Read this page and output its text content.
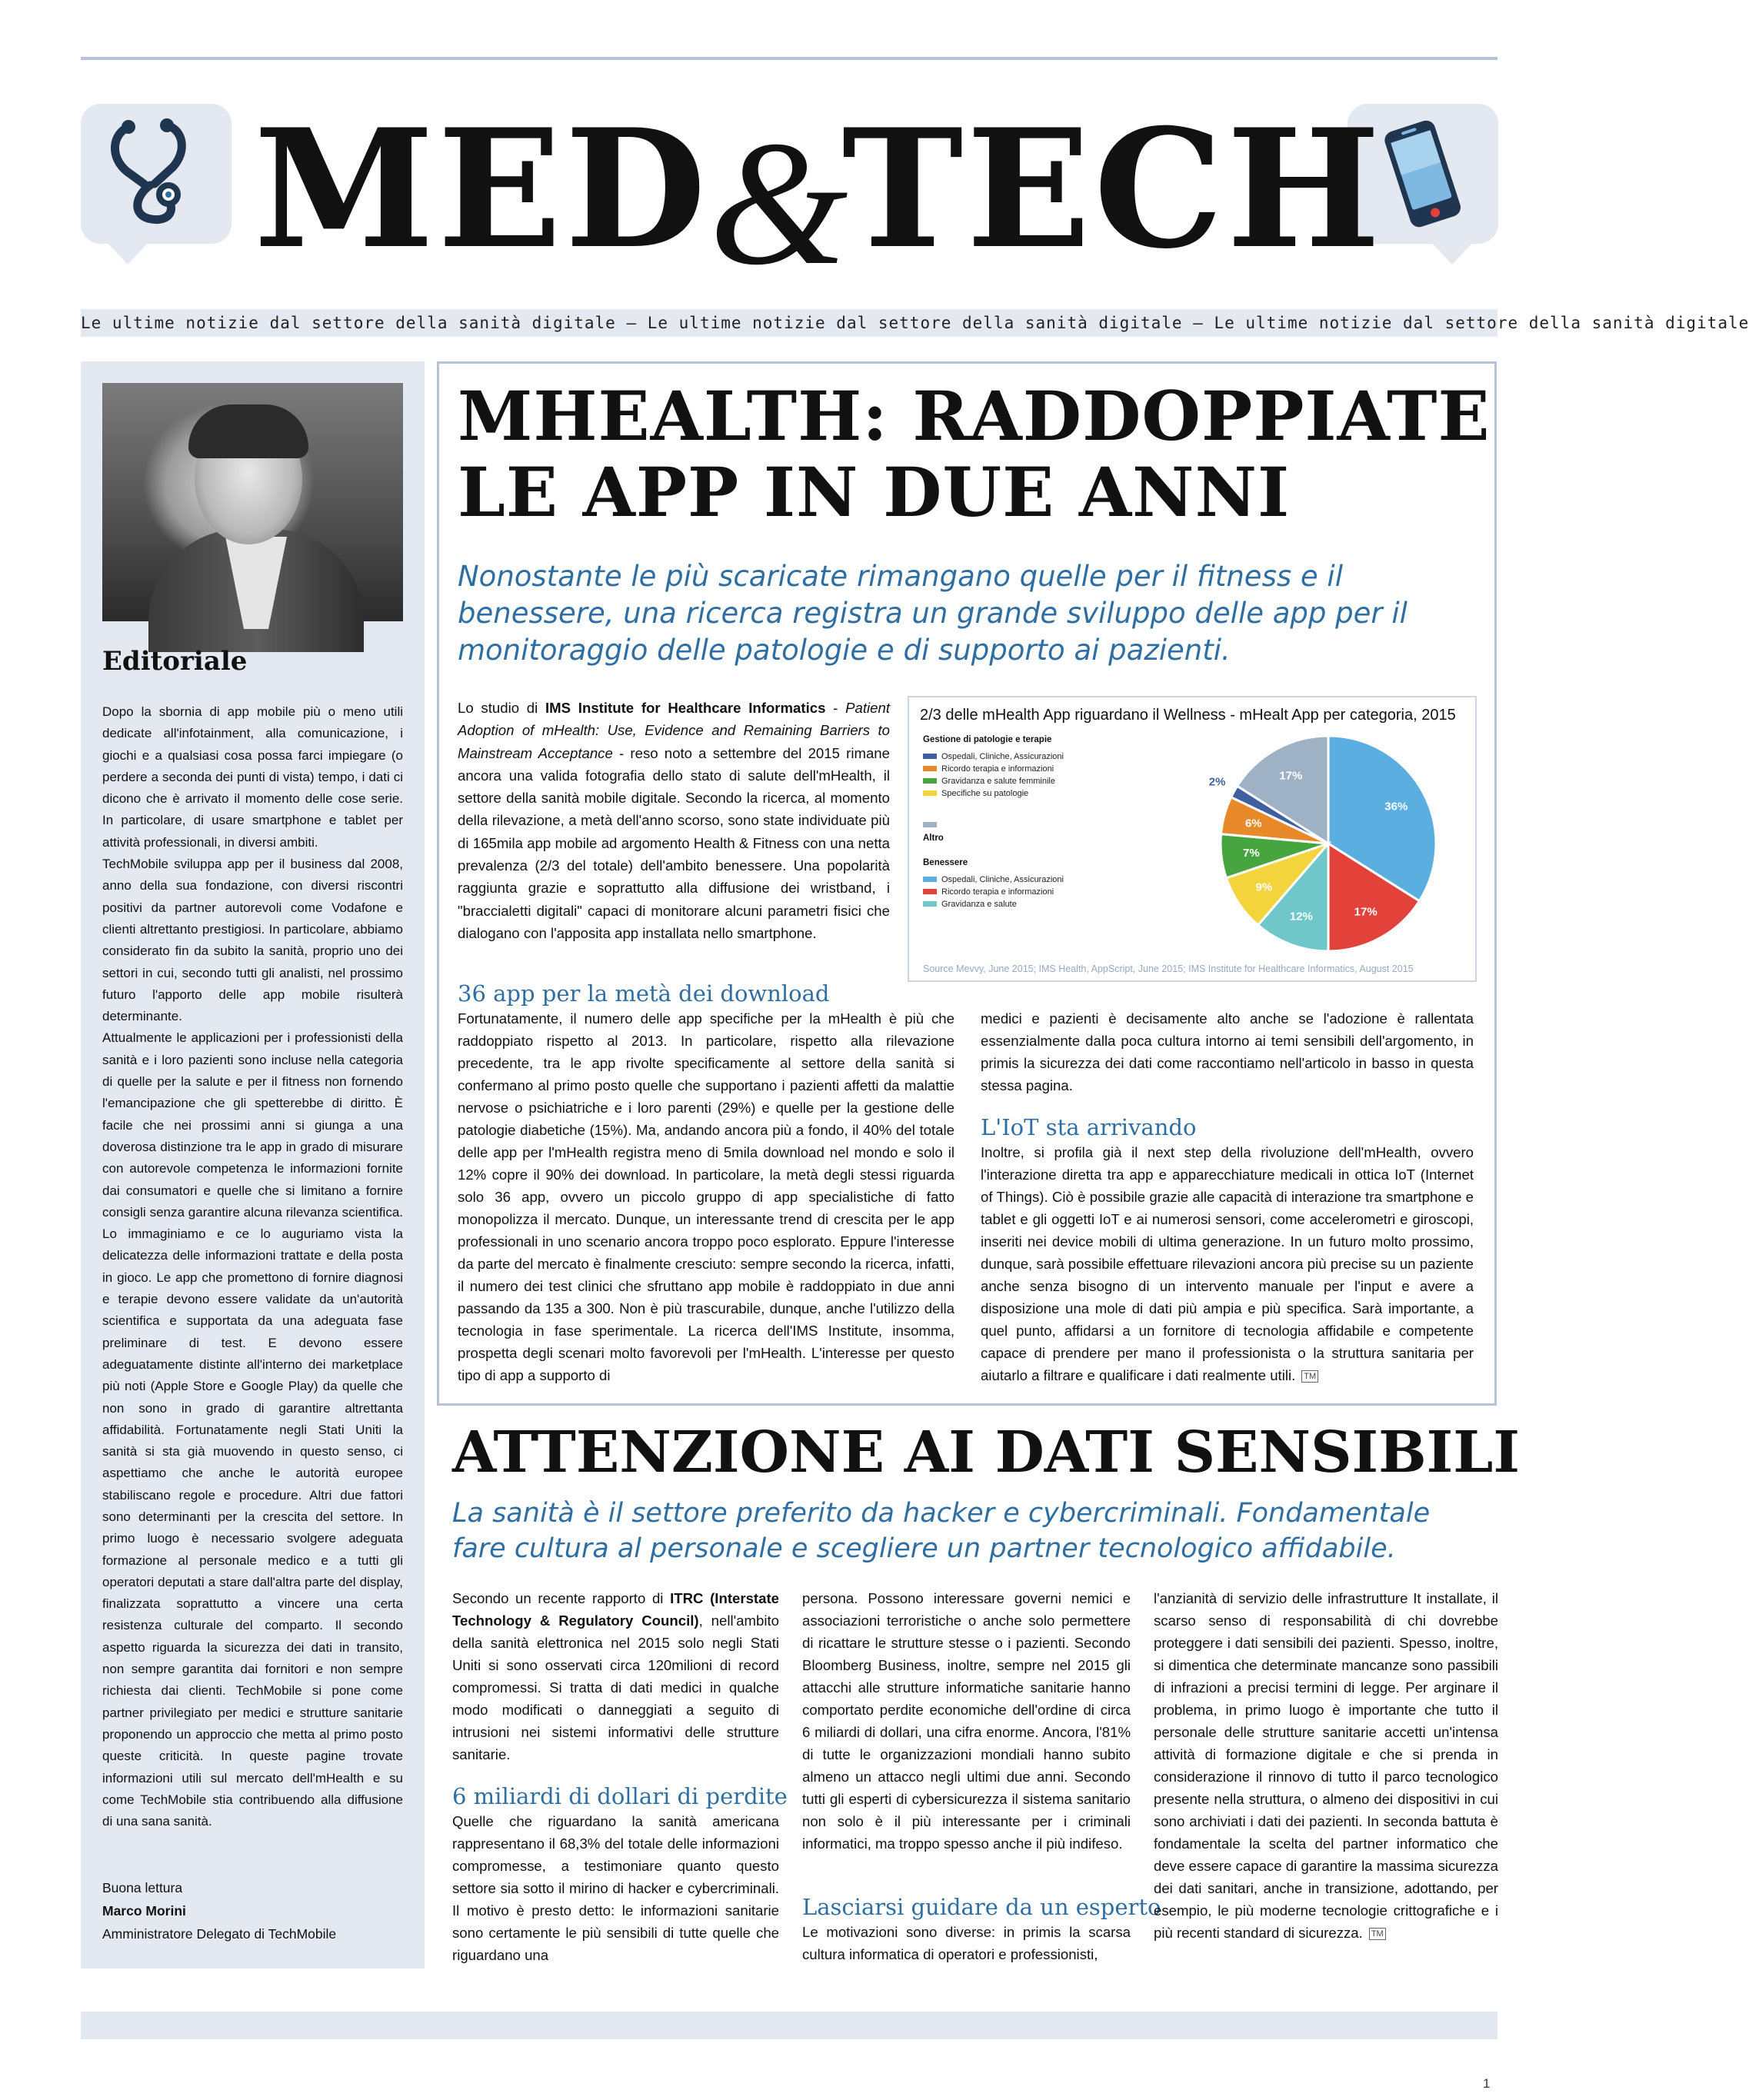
MED&TECH
Le ultime notizie dal settore della sanità digitale – Le ultime notizie dal settore della sanità digitale – Le ultime notizie dal settore della sanità digitale
Editoriale

Dopo la sbornia di app mobile più o meno utili dedicate all'infotainment, alla comunicazione, i giochi e a qualsiasi cosa possa farci impiegare (o perdere a seconda dei punti di vista) tempo, i dati ci dicono che è arrivato il momento delle cose serie. In particolare, di usare smartphone e tablet per attività professionali, in diversi ambiti.

TechMobile sviluppa app per il business dal 2008, anno della sua fondazione, con diversi riscontri positivi da partner autorevoli come Vodafone e clienti altrettanto prestigiosi. In particolare, abbiamo considerato fin da subito la sanità, proprio uno dei settori in cui, secondo tutti gli analisti, nel prossimo futuro l'apporto delle app mobile risulterà determinante.

Attualmente le applicazioni per i professionisti della sanità e i loro pazienti sono incluse nella categoria di quelle per la salute e per il fitness non fornendo l'emancipazione che gli spetterebbe di diritto. È facile che nei prossimi anni si giunga a una doverosa distinzione tra le app in grado di misurare con autorevole competenza le informazioni fornite dai consumatori e quelle che si limitano a fornire consigli senza garantire alcuna rilevanza scientifica. Lo immaginiamo e ce lo auguriamo vista la delicatezza delle informazioni trattate e della posta in gioco. Le app che promettono di fornire diagnosi e terapie devono essere validate da un'autorità scientifica e supportata da una adeguata fase preliminare di test. E devono essere adeguatamente distinte all'interno dei marketplace più noti (Apple Store e Google Play) da quelle che non sono in grado di garantire altrettanta affidabilità. Fortunatamente negli Stati Uniti la sanità si sta già muovendo in questo senso, ci aspettiamo che anche le autorità europee stabiliscano regole e procedure. Altri due fattori sono determinanti per la crescita del settore. In primo luogo è necessario svolgere adeguata formazione al personale medico e a tutti gli operatori deputati a stare dall'altra parte del display, finalizzata soprattutto a vincere una certa resistenza culturale del comparto. Il secondo aspetto riguarda la sicurezza dei dati in transito, non sempre garantita dai fornitori e non sempre richiesta dai clienti. TechMobile si pone come partner privilegiato per medici e strutture sanitarie proponendo un approccio che metta al primo posto queste criticità. In queste pagine trovate informazioni utili sul mercato dell'mHealth e su come TechMobile stia contribuendo alla diffusione di una sana sanità.

Buona lettura
Marco Morini
Amministratore Delegato di TechMobile
MHEALTH: RADDOPPIATE
LE APP IN DUE ANNI
Nonostante le più scaricate rimangano quelle per il fitness e il benessere, una ricerca registra un grande sviluppo delle app per il monitoraggio delle patologie e di supporto ai pazienti.
Lo studio di IMS Institute for Healthcare Informatics - Patient Adoption of mHealth: Use, Evidence and Remaining Barriers to Mainstream Acceptance - reso noto a settembre del 2015 rimane ancora una valida fotografia dello stato di salute dell'mHealth, il settore della sanità mobile digitale. Secondo la ricerca, al momento della rilevazione, a metà dell'anno scorso, sono state individuate più di 165mila app mobile ad argomento Health & Fitness con una netta prevalenza (2/3 del totale) dell'ambito benessere. Una popolarità raggiunta grazie e soprattutto alla diffusione dei wristband, i "braccialetti digitali" capaci di monitorare alcuni parametri fisici che dialogano con l'apposita app installata nello smartphone.
2/3 delle mHealth App riguardano il Wellness - mHealt App per categoria, 2015
Gestione di patologie e terapie
Ospedali, Cliniche, Assicurazioni
Ricordo terapia e informazioni
Gravidanza e salute femminile
Specifiche su patologie
Altro
Benessere
Ospedali, Cliniche, Assicurazioni
Ricordo terapia e informazioni
Gravidanza e salute
36%
17%
12%
9%
7%
6%
2%	17%
Source Mevvy, June 2015; IMS Health, AppScript, June 2015; IMS Institute for Healthcare Informatics, August 2015
36 app per la metà dei download
Fortunatamente, il numero delle app specifiche per la mHealth è più che raddoppiato rispetto al 2013. In particolare, rispetto alla rilevazione precedente, tra le app rivolte specificamente al settore della sanità si confermano al primo posto quelle che supportano i pazienti affetti da malattie nervose o psichiatriche e i loro parenti (29%) e quelle per la gestione delle patologie diabetiche (15%). Ma, andando ancora più a fondo, il 40% del totale delle app per l'mHealth registra meno di 5mila download nel mondo e solo il 12% copre il 90% dei download. In particolare, la metà degli stessi riguarda solo 36 app, ovvero un piccolo gruppo di app specialistiche di fatto monopolizza il mercato. Dunque, un interessante trend di crescita per le app professionali in uno scenario ancora troppo poco esplorato. Eppure l'interesse da parte del mercato è finalmente cresciuto: sempre secondo la ricerca, infatti, il numero dei test clinici che sfruttano app mobile è raddoppiato in due anni passando da 135 a 300. Non è più trascurabile, dunque, anche l'utilizzo della tecnologia in fase sperimentale. La ricerca dell'IMS Institute, insomma, prospetta degli scenari molto favorevoli per l'mHealth. L'interesse per questo tipo di app a supporto di

medici e pazienti è decisamente alto anche se l'adozione è rallentata essenzialmente dalla poca cultura intorno ai temi sensibili dell'argomento, in primis la sicurezza dei dati come raccontiamo nell'articolo in basso in questa stessa pagina.

L'IoT sta arrivando
Inoltre, si profila già il next step della rivoluzione dell'mHealth, ovvero l'interazione diretta tra app e apparecchiature medicali in ottica IoT (Internet of Things). Ciò è possibile grazie alle capacità di interazione tra smartphone e tablet e gli oggetti IoT e ai numerosi sensori, come accelerometri e giroscopi, inseriti nei device mobili di ultima generazione. In un futuro molto prossimo, dunque, sarà possibile effettuare rilevazioni ancora più precise su un paziente anche senza bisogno di un intervento manuale per l'input e avere a disposizione una mole di dati più ampia e più specifica. Sarà importante, a quel punto, affidarsi a un fornitore di tecnologia affidabile e competente capace di prendere per mano il professionista o la struttura sanitaria per aiutarlo a filtrare e qualificare i dati realmente utili. TM
ATTENZIONE AI DATI SENSIBILI
La sanità è il settore preferito da hacker e cybercriminali. Fondamentale fare cultura al personale e scegliere un partner tecnologico affidabile.
Secondo un recente rapporto di ITRC (Interstate Technology & Regulatory Council), nell'ambito della sanità elettronica nel 2015 solo negli Stati Uniti si sono osservati circa 120milioni di record compromessi. Si tratta di dati medici in qualche modo modificati o danneggiati a seguito di intrusioni nei sistemi informativi delle strutture sanitarie.
6 miliardi di dollari di perdite
Quelle che riguardano la sanità americana rappresentano il 68,3% del totale delle informazioni compromesse, a testimoniare quanto questo settore sia sotto il mirino di hacker e cybercriminali. Il motivo è presto detto: le informazioni sanitarie sono certamente le più sensibili di tutte quelle che riguardano una
persona. Possono interessare governi nemici e associazioni terroristiche o anche solo permettere di ricattare le strutture stesse o i pazienti. Secondo Bloomberg Business, inoltre, sempre nel 2015 gli attacchi alle strutture informatiche sanitarie hanno comportato perdite economiche dell'ordine di circa 6 miliardi di dollari, una cifra enorme. Ancora, l'81% di tutte le organizzazioni mondiali hanno subito almeno un attacco negli ultimi due anni. Secondo tutti gli esperti di cybersicurezza il sistema sanitario non solo è il più interessante per i criminali informatici, ma troppo spesso anche il più indifeso.
Lasciarsi guidare da un esperto
Le motivazioni sono diverse: in primis la scarsa cultura informatica di operatori e professionisti,
l'anzianità di servizio delle infrastrutture It installate, il scarso senso di responsabilità di chi dovrebbe proteggere i dati sensibili dei pazienti. Spesso, inoltre, si dimentica che determinate mancanze sono passibili di infrazioni a precisi termini di legge. Per arginare il problema, in primo luogo è importante che tutto il personale delle strutture sanitarie accetti un'intensa attività di formazione digitale e che si prenda in considerazione il rinnovo di tutto il parco tecnologico presente nella struttura, o almeno dei dispositivi in cui sono archiviati i dati dei pazienti. In seconda battuta è fondamentale la scelta del partner informatico che deve essere capace di garantire la massima sicurezza dei dati sanitari, anche in transizione, adottando, per esempio, le più moderne tecnologie crittografiche e i più recenti standard di sicurezza. TM
1
